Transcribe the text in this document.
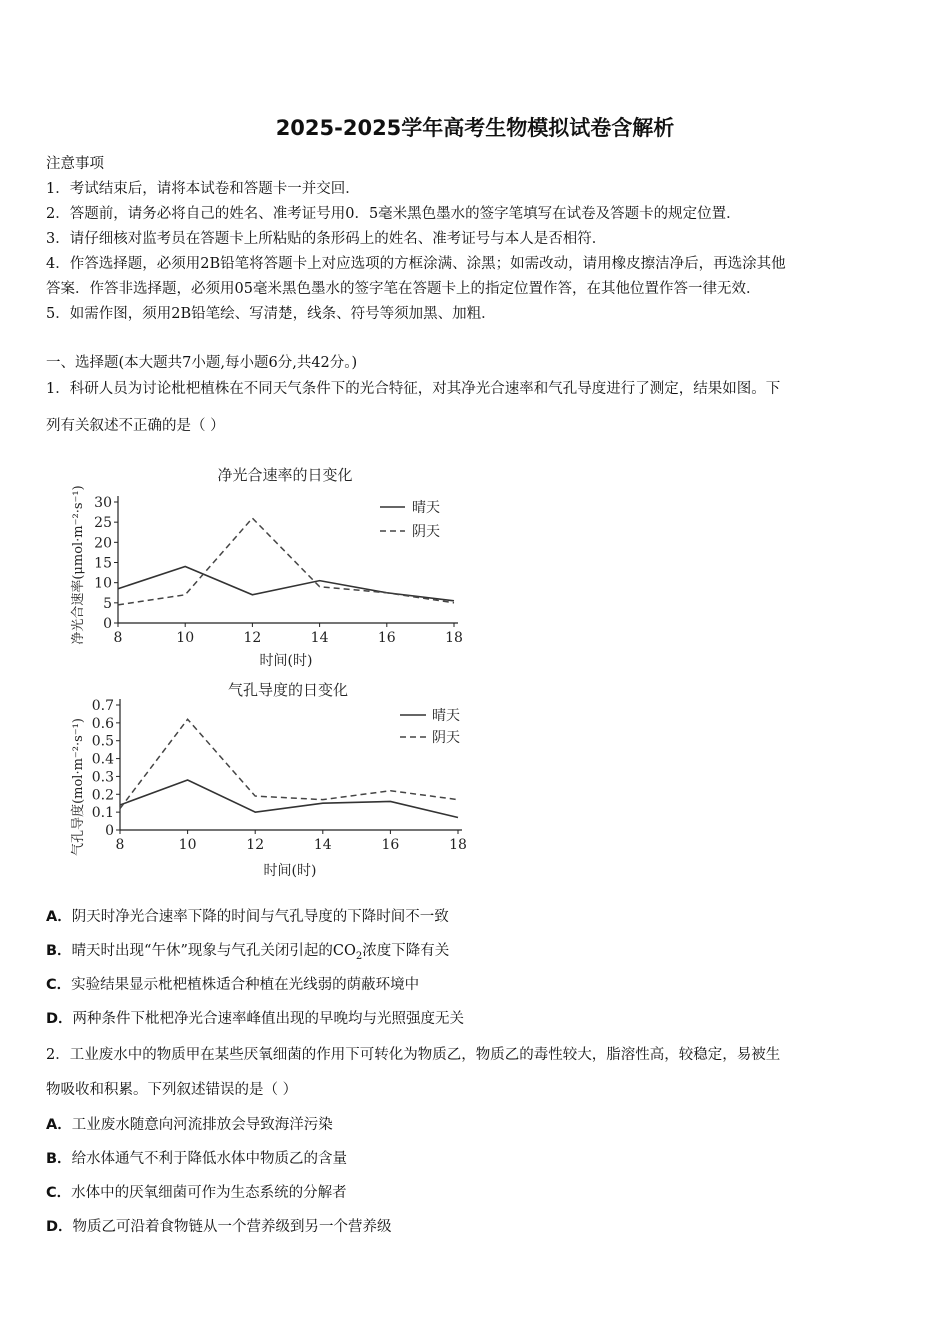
2025-2025学年高考生物模拟试卷含解析
注意事项
1．考试结束后，请将本试卷和答题卡一并交回．
2．答题前，请务必将自己的姓名、准考证号用0．5毫米黑色墨水的签字笔填写在试卷及答题卡的规定位置．
3．请仔细核对监考员在答题卡上所粘贴的条形码上的姓名、准考证号与本人是否相符．
4．作答选择题，必须用2B铅笔将答题卡上对应选项的方框涂满、涂黑；如需改动，请用橡皮擦洁净后，再选涂其他
答案．作答非选择题，必须用05毫米黑色墨水的签字笔在答题卡上的指定位置作答，在其他位置作答一律无效．
5．如需作图，须用2B铅笔绘、写清楚，线条、符号等须加黑、加粗．
一、选择题(本大题共7小题,每小题6分,共42分。)
1．科研人员为讨论枇杷植株在不同天气条件下的光合特征，对其净光合速率和气孔导度进行了测定，结果如图。下
列有关叙述不正确的是（ ）
净光合速率的日变化
净光合速率(μmol·m⁻²·s⁻¹)
时间(时)
晴天
阴天
0
5
10
15
20
25
30
8	10	12	14	16	18
气孔导度的日变化
气孔导度(mol·m⁻²·s⁻¹)
时间(时)
晴天
阴天
0
0.1
0.2
0.3
0.4
0.5
0.6
0.7
8	10	12	14	16	18
A．阴天时净光合速率下降的时间与气孔导度的下降时间不一致
B．晴天时出现“午休”现象与气孔关闭引起的$CO_2$浓度下降有关
C．实验结果显示枇杷植株适合种植在光线弱的荫蔽环境中
D．两种条件下枇杷净光合速率峰值出现的早晚均与光照强度无关
2．工业废水中的物质甲在某些厌氧细菌的作用下可转化为物质乙，物质乙的毒性较大，脂溶性高，较稳定，易被生
物吸收和积累。下列叙述错误的是（ ）
A．工业废水随意向河流排放会导致海洋污染
B．给水体通气不利于降低水体中物质乙的含量
C．水体中的厌氧细菌可作为生态系统的分解者
D．物质乙可沿着食物链从一个营养级到另一个营养级
